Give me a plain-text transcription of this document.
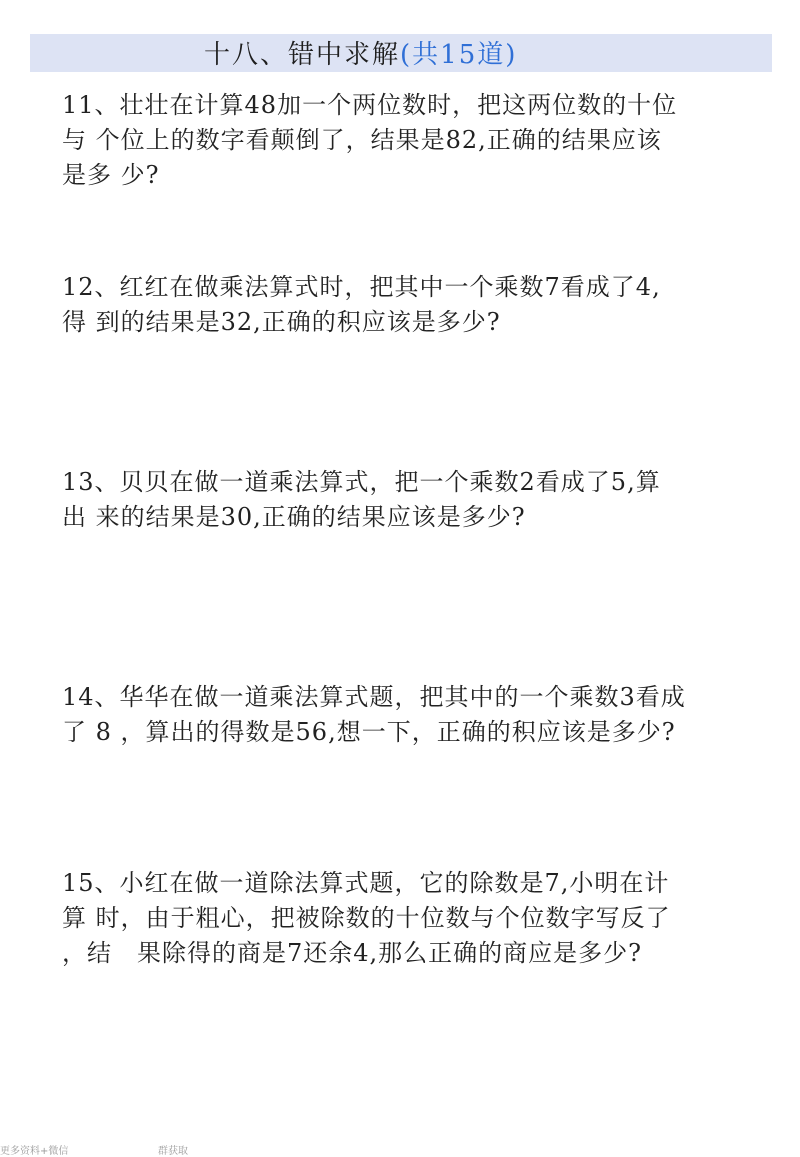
十八、错中求解(共15道)
11、壮壮在计算48加一个两位数时，把这两位数的十位
与 个位上的数字看颠倒了，结果是82,正确的结果应该
是多 少?
12、红红在做乘法算式时，把其中一个乘数7看成了4,
得 到的结果是32,正确的积应该是多少?
13、贝贝在做一道乘法算式，把一个乘数2看成了5,算
出 来的结果是30,正确的结果应该是多少?
14、华华在做一道乘法算式题，把其中的一个乘数3看成
了 8 ，算出的得数是56,想一下，正确的积应该是多少?
15、小红在做一道除法算式题，它的除数是7,小明在计
算 时，由于粗心，把被除数的十位数与个位数字写反了
，结　果除得的商是7还余4,那么正确的商应是多少?
更多资料+微信	群获取
